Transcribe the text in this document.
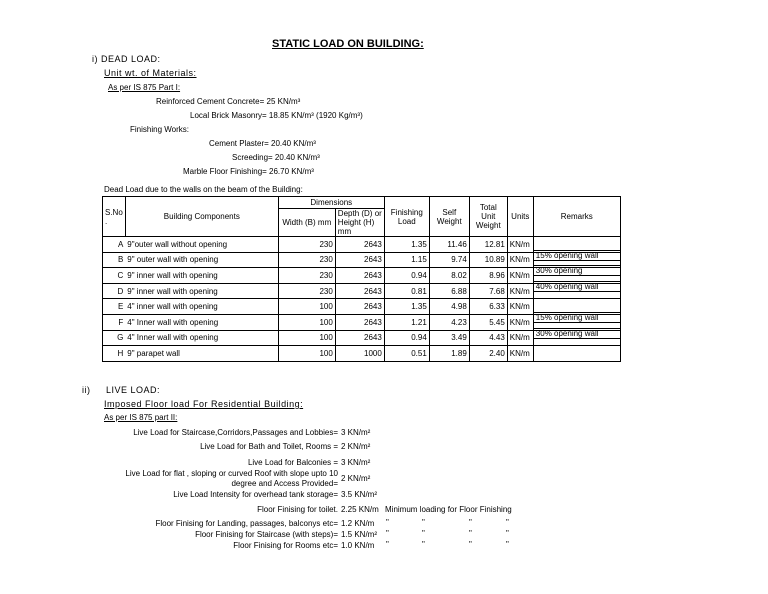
STATIC LOAD ON BUILDING:
i) DEAD LOAD:
Unit wt. of Materials:
As per IS 875 Part I:
Reinforced Cement Concrete= 25 KN/m³
Local Brick Masonry= 18.85 KN/m³ (1920 Kg/m³)
Finishing Works:
Cement Plaster= 20.40 KN/m³
Screeding= 20.40 KN/m³
Marble Floor Finishing= 26.70 KN/m³
Dead Load due to the walls on the beam of the Building:
S.No .	Building Components	Dimensions		Finishing Load	Self Weight	Total Unit Weight	Units	Remarks
		Width (B) mm	Depth (D) or Height (H) mm					
A	9"outer wall without opening	230	2643	1.35	11.46	12.81	KN/m	
B	9" outer wall with opening	230	2643	1.15	9.74	10.89	KN/m	15% opening wall

C	9" inner wall with opening	230	2643	0.94	8.02	8.96	KN/m	30% opening

D	9" inner wall with opening	230	2643	0.81	6.88	7.68	KN/m	40% opening wall

E	4" inner wall with opening	100	2643	1.35	4.98	6.33	KN/m	
F	4" Inner wall with opening	100	2643	1.21	4.23	5.45	KN/m	15% opening wall

G	4" Inner wall with opening	100	2643	0.94	3.49	4.43	KN/m	30% opening wall

H	9" parapet wall	100	1000	0.51	1.89	2.40	KN/m	
ii) LIVE LOAD:
Imposed Floor load For Residential Building:
As per IS 875 part II:
Live Load for Staircase,Corridors,Passages and Lobbies= 3 KN/m²
Live Load for Bath and Toilet, Rooms = 2 KN/m²
Live Load for Balconies = 3 KN/m²
Live Load for flat , sloping or curved Roof with slope upto 10
degree and Access Provided=
2 KN/m²
Live Load Intensity for overhead tank storage= 3.5 KN/m²
Floor Finising for toilet. 2.25 KN/m Minimum loading for Floor Finishing
Floor Finising for Landing, passages, balconys etc= 1.2 KN/m "	"	"	"
Floor Finising for Staircase (with steps)= 1.5 KN/m² "	"	"	"
Floor Finising for Rooms etc= 1.0 KN/m "	"	"	"
